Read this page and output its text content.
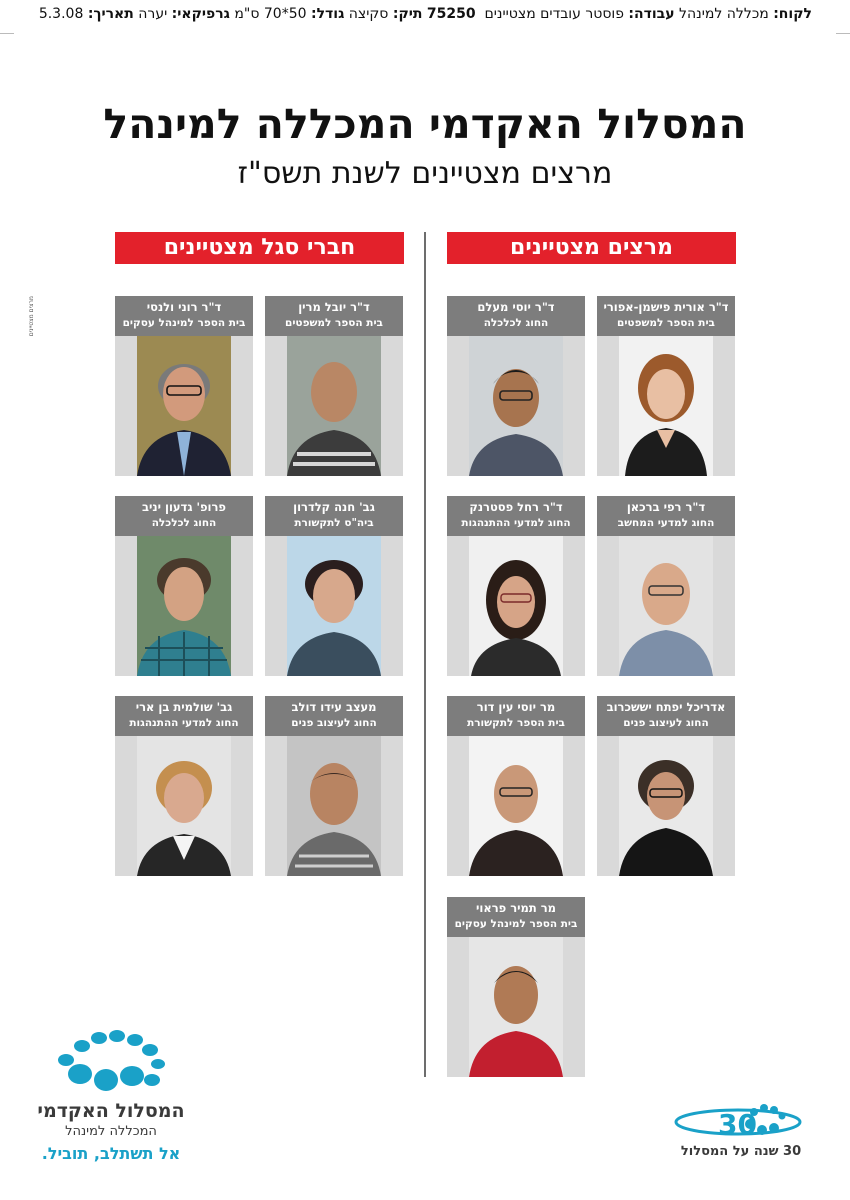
לקוח: מכללה למינהל עבודה: פוסטר עובדים מצטיינים  75250 תיק: סקיצה גודל: 50*70 ס"מ גרפיקאי: יערה תאריך: 5.3.08
מרצים מצטיינים
המסלול האקדמי המכללה למינהל
מרצים מצטיינים לשנת תשס"ז
מרצים מצטיינים
חברי סגל מצטיינים
ד"ר אורית פישמן-אפורי
בית הספר למשפטים
ד"ר יוסי מעלם
החוג לכלכלה
ד"ר רפי ברכאן
החוג למדעי המחשב
ד"ר רחל פסטרנק
החוג למדעי ההתנהגות
אדריכל יפתח יששכרוב
החוג לעיצוב פנים
מר יוסי עין דור
בית הספר לתקשורת
מר תמיר פראוי
בית הספר למינהל עסקים
ד"ר יובל מרין
בית הספר למשפטים
ד"ר רוני ולנסי
בית הספר למינהל עסקים
גב' חנה קלדרון
ביה"ס לתקשורת
פרופ' גדעון יניב
החוג לכלכלה
מעצב עידו דולב
החוג לעיצוב פנים
גב' שולמית בן ארי
החוג למדעי ההתנהגות
המסלול האקדמי
המכללה למינהל
אל תשתלב, תוביל.
30
30 שנה על המסלול
